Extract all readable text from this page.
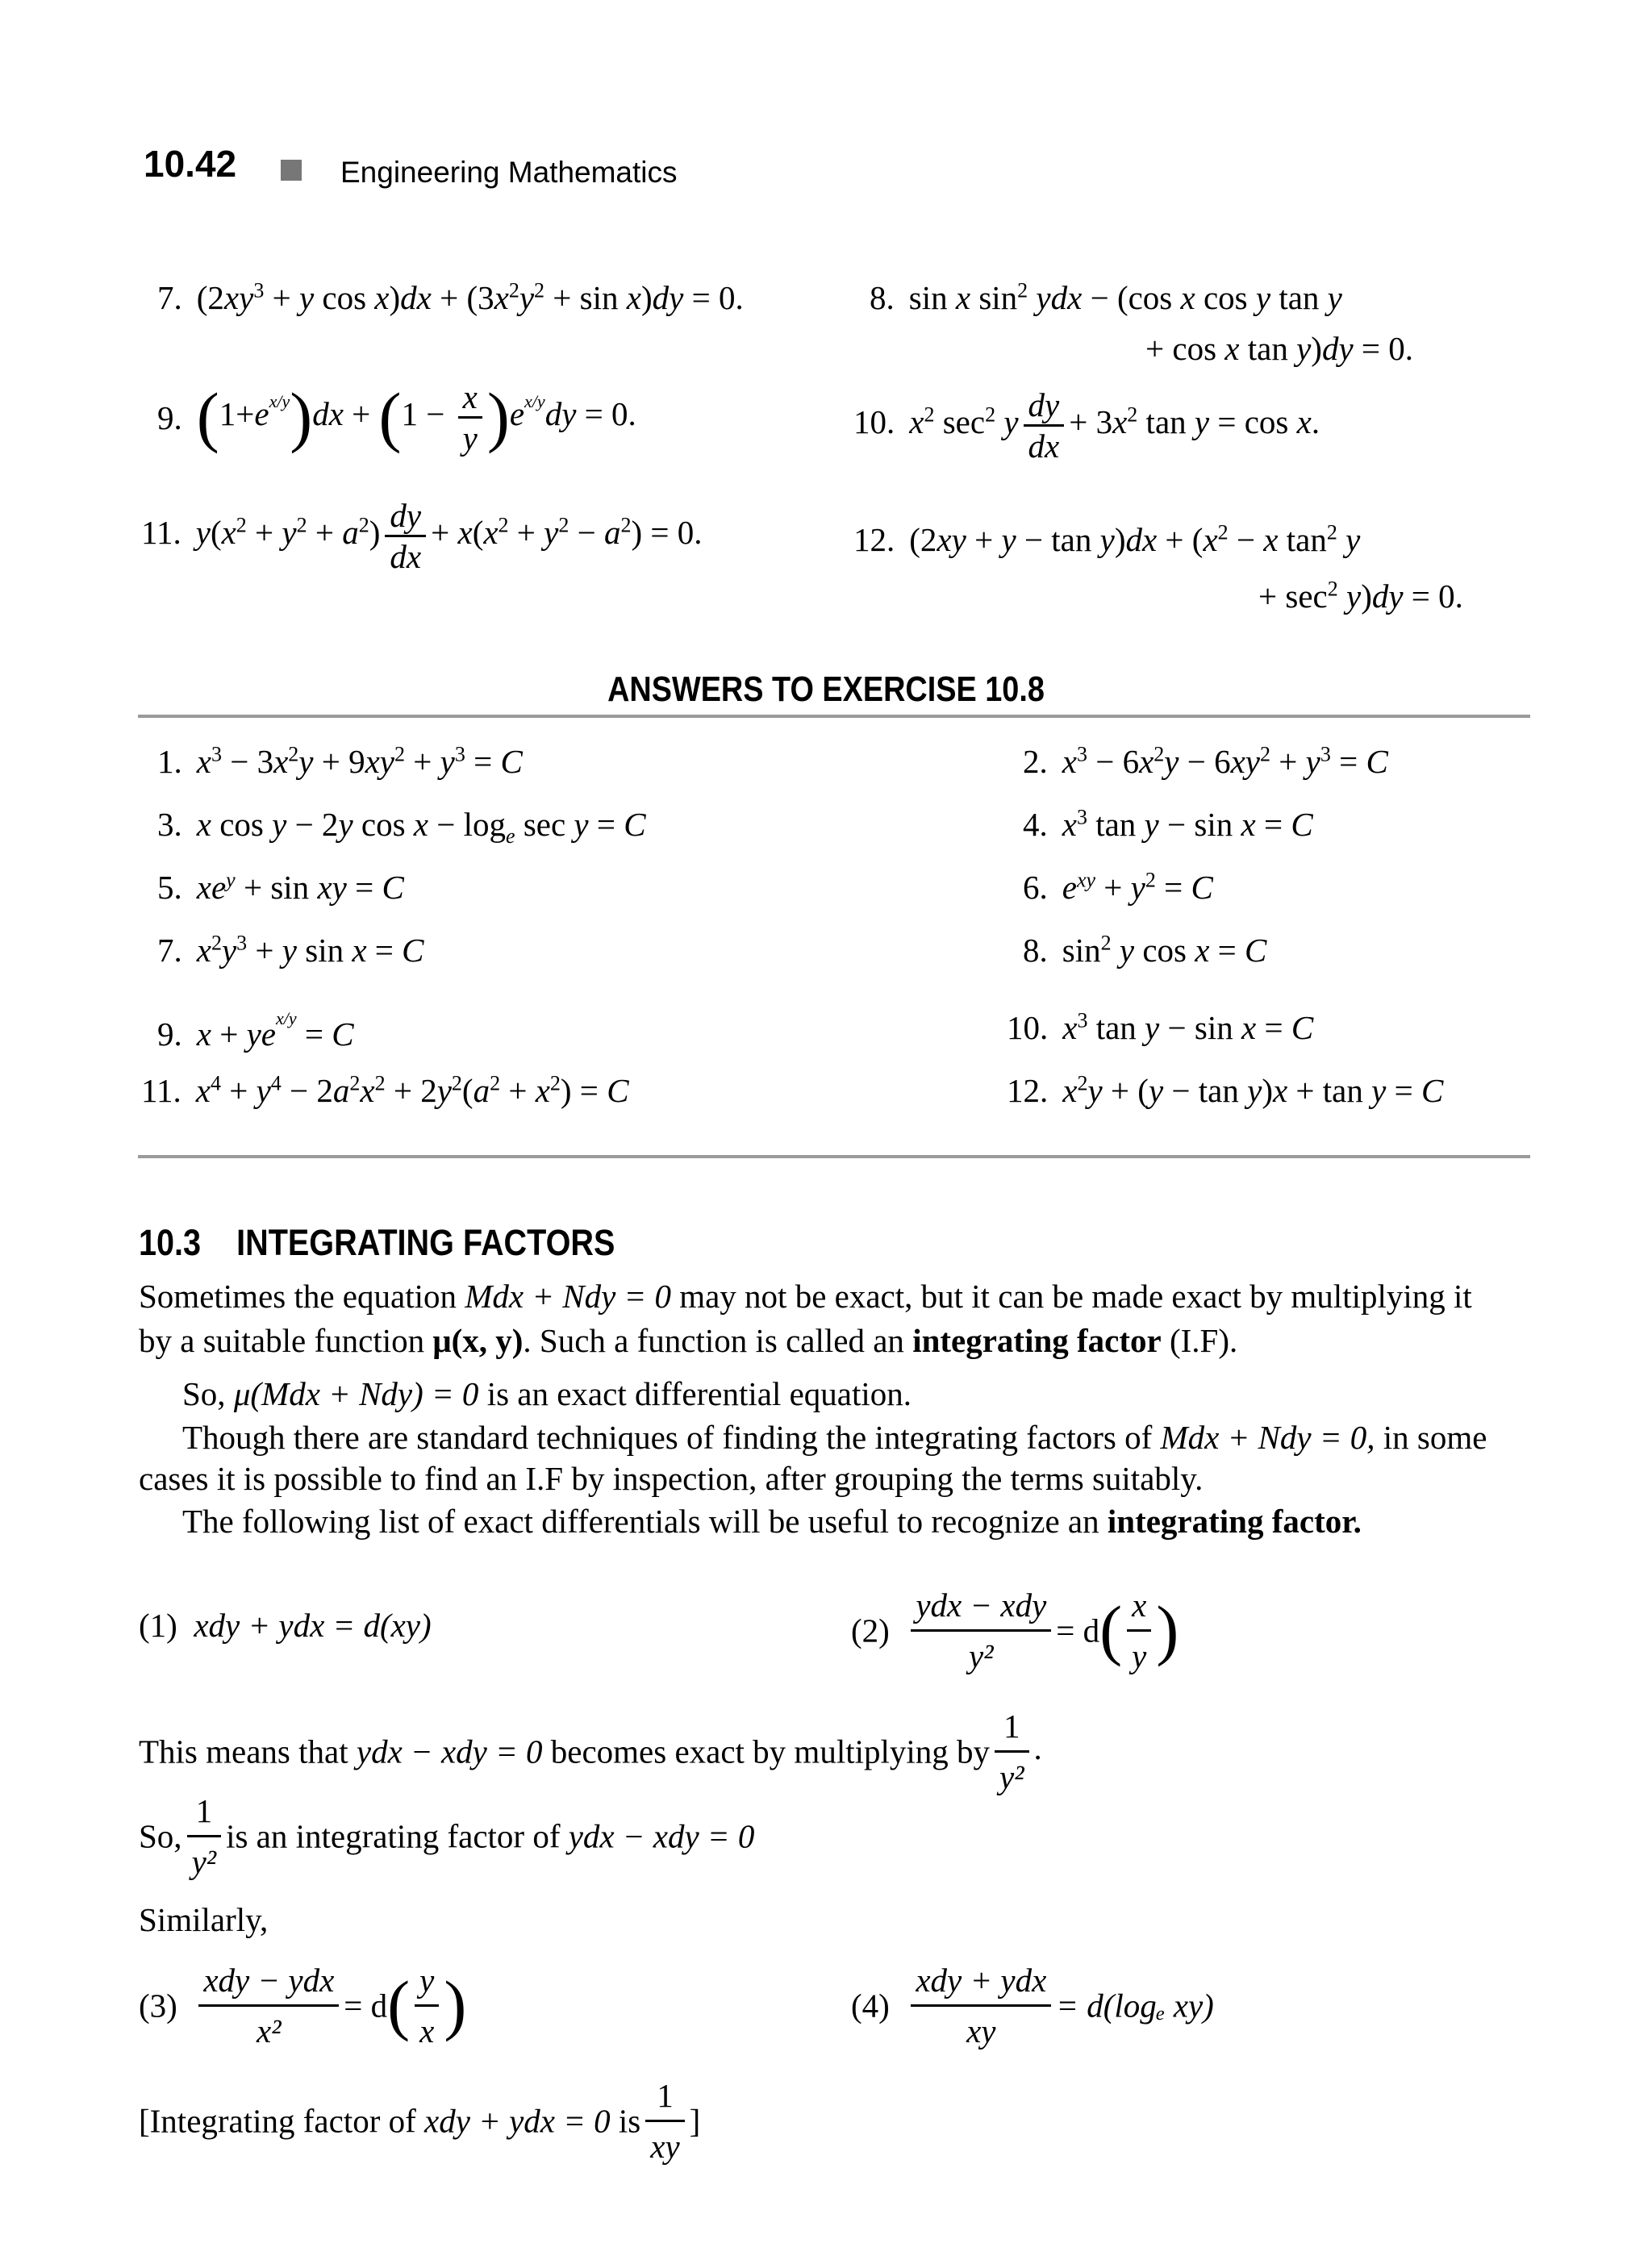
10.42	Engineering Mathematics
7. ($2xy^3 + y$ $\cos x)dx + (3x^2y^2 + \sin x)dy = 0$.	8. sin x $\sin^2$ ydx − (cos x cos y tan y
+ cos x tan y)dy = 0.
9. $(1+e^{x/y})dx + (1 - \frac{x}{y} )e^{x/y}dy = 0$.	10. $x^2$ $\sec^2 y \frac{dy}{dx} + 3x^2$ tan y = cos x.
11. $y(x^2 + y^2 + a^2) \frac{dy}{dx} + x(x^2 + y^2 - a^2) = 0$.	12. $(2xy + y - \tan y)dx + (x^2 - x$ $\tan^2 y$
+ $\sec^2 y)dy = 0$.
ANSWERS TO EXERCISE 10.8
1. $x^3 - 3x^2y + 9xy^2 + y^3 = C$	2. $x^3 - 6x^2y - 6xy^2 + y^3 = C$
3. x cos y − 2y $\cos x - \log_e \sec y = C$	4. $x^3$ tan y − sin x = C
5. $xe^y + \sin$ xy = C	6. $e^{xy} + y^2 = C$
7. $x^2y^3 + y$ sin x = C	8. $\sin^2 y$ cos x = C
9. $x + ye^{x/y} = C$	10. $x^3$ tan y − sin x = C
11. $x^4 + y^4 - 2a^2x^2 + 2y^2(a^2 + x^2) = C$	12. $x^2y + (y - \tan y)x + \tan y = C$
10.3 INTEGRATING FACTORS
Sometimes the equation Mdx + Ndy = 0 may not be exact, but it can be made exact by multiplying it
by a suitable function μ(x, y). Such a function is called an integrating factor (I.F).
So, μ(Mdx + Ndy) = 0 is an exact differential equation.
Though there are standard techniques of finding the integrating factors of Mdx + Ndy = 0, in some
cases it is possible to find an I.F by inspection, after grouping the terms suitably.
The following list of exact differentials will be useful to recognize an integrating factor.
(1) xdy + ydx = d(xy)	$(2) \frac{\text{ydx − xdy}}{\text{y²}} = d( \frac{x}{y}$ )
This means that ydx − xdy = 0 becomes exact by multiplying by $\frac{1}{\text{y²}}$ .
So, $\frac{1}{\text{y²}}$ is an integrating factor of ydx − xdy = 0
Similarly,
$(3) \frac{\text{xdy − ydx}}{\text{x²}} = d( \frac{y}{x}$ )	$(4) \frac{\text{xdy + ydx}}{xy} = d(\log_e$ xy)
[Integrating factor of xdy + ydx = 0 is $\frac{1}{xy}$ ]
